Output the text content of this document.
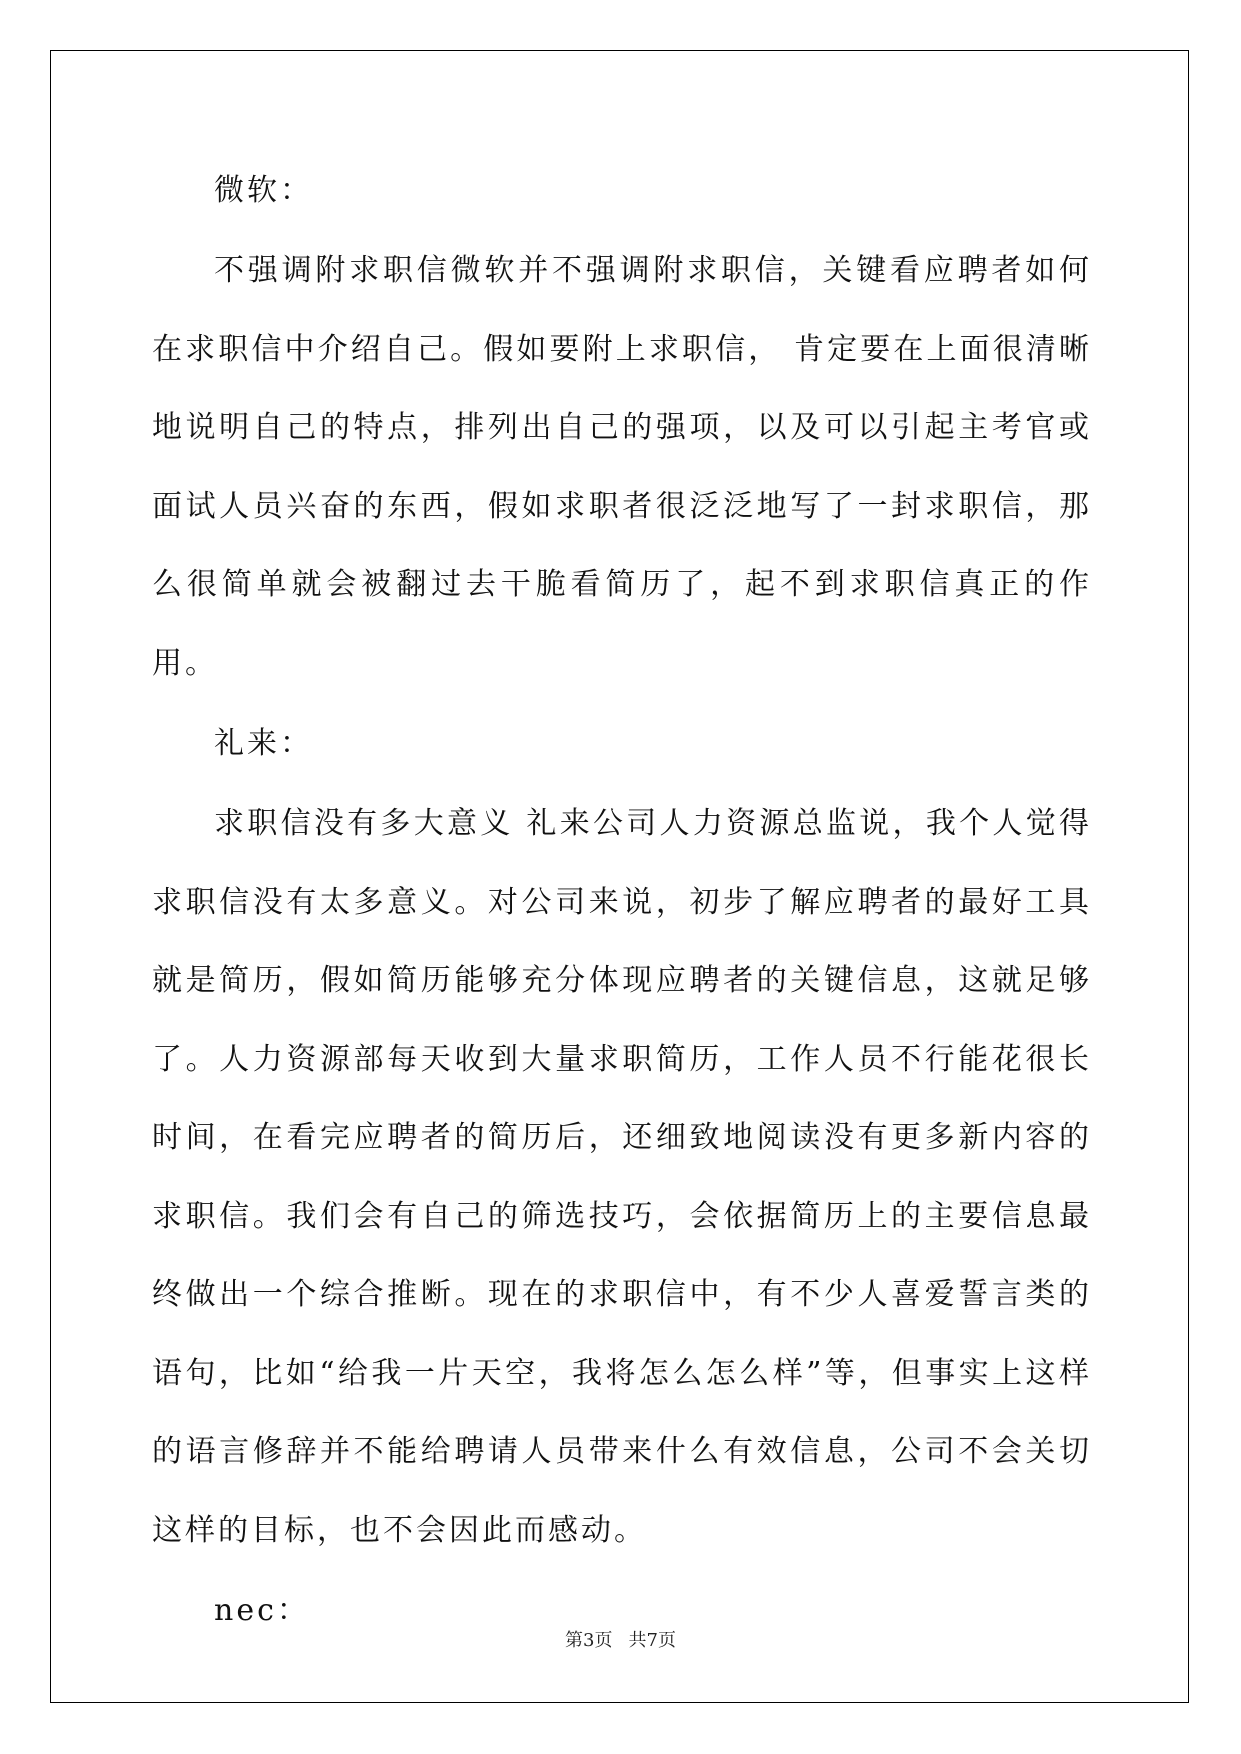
微软：

不强调附求职信微软并不强调附求职信，关键看应聘者如何在求职信中介绍自己。假如要附上求职信， 肯定要在上面很清晰地说明自己的特点，排列出自己的强项，以及可以引起主考官或面试人员兴奋的东西，假如求职者很泛泛地写了一封求职信，那么很简单就会被翻过去干脆看简历了，起不到求职信真正的作用。

礼来：

求职信没有多大意义 礼来公司人力资源总监说，我个人觉得求职信没有太多意义。对公司来说，初步了解应聘者的最好工具就是简历，假如简历能够充分体现应聘者的关键信息，这就足够了。人力资源部每天收到大量求职简历，工作人员不行能花很长时间，在看完应聘者的简历后，还细致地阅读没有更多新内容的求职信。我们会有自己的筛选技巧，会依据简历上的主要信息最终做出一个综合推断。现在的求职信中，有不少人喜爱誓言类的语句，比如“给我一片天空，我将怎么怎么样”等，但事实上这样的语言修辞并不能给聘请人员带来什么有效信息，公司不会关切这样的目标，也不会因此而感动。

nec：

第3页 共7页
